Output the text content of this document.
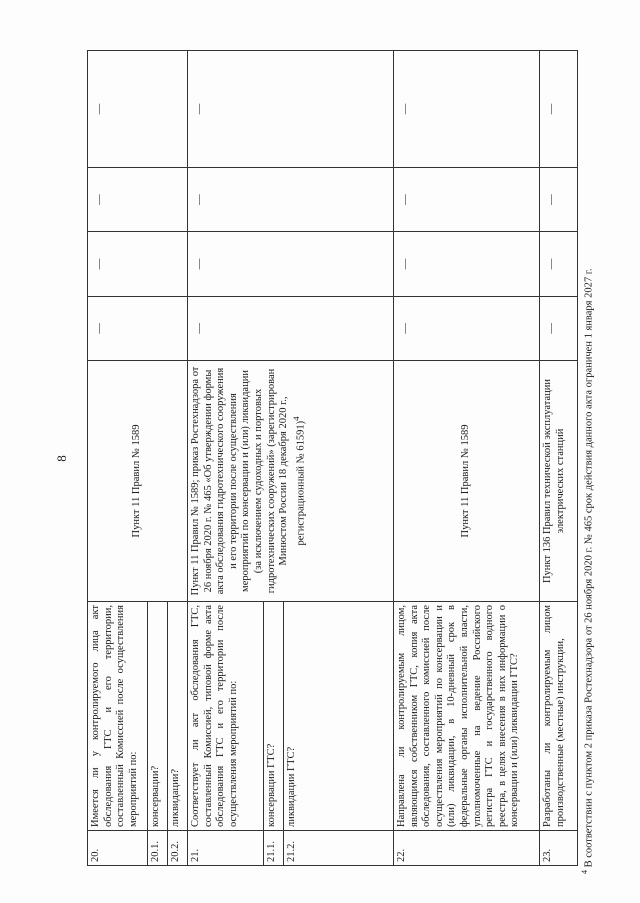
8
20.	Имеется ли у контролируемого лица акт обследования ГТС и его территории, составленный Комиссией после осуществления мероприятий по:	Пункт 11 Правил № 1589	—	—	—	—
20.1.	консервации?					
20.2.	ликвидации?					
21.	Соответствует ли акт обследования ГТС, составленный Комиссией, типовой форме акта обследования ГТС и его территории после осуществления мероприятий по:	Пункт 11 Правил № 1589; приказ Ростехнадзора от 26 ноября 2020 г. № 465 «Об утверждении формы акта обследования гидротехнического сооружения и его территории после осуществления мероприятий по консервации и (или) ликвидации (за исключением судоходных и портовых гидротехнических сооружений» (зарегистрирован Минюстом России 18 декабря 2020 г., регистрационный № 61591)$^4$	—	—	—	—
21.1.	консервации ГТС?					
21.2.	ликвидации ГТС?					
22.	Направлена ли контролируемым лицом, являющимся собственником ГТС, копия акта обследования, составленного комиссией после осуществления мероприятий по консервации и (или) ликвидации, в 10-дневный срок в федеральные органы исполнительной власти, уполномоченные на ведение Российского регистра ГТС и государственного водного реестра, в целях внесения в них информации о консервации и (или) ликвидации ГТС?	Пункт 11 Правил № 1589	—	—	—	—
23.	Разработаны ли контролируемым лицом производственные (местные) инструкции,	Пункт 136 Правил технической эксплуатации электрических станций	—	—	—	—
$^4$ В соответствии с пунктом 2 приказа Ростехнадзора от 26 ноября 2020 г. № 465 срок действия данного акта ограничен 1 января 2027 г.
